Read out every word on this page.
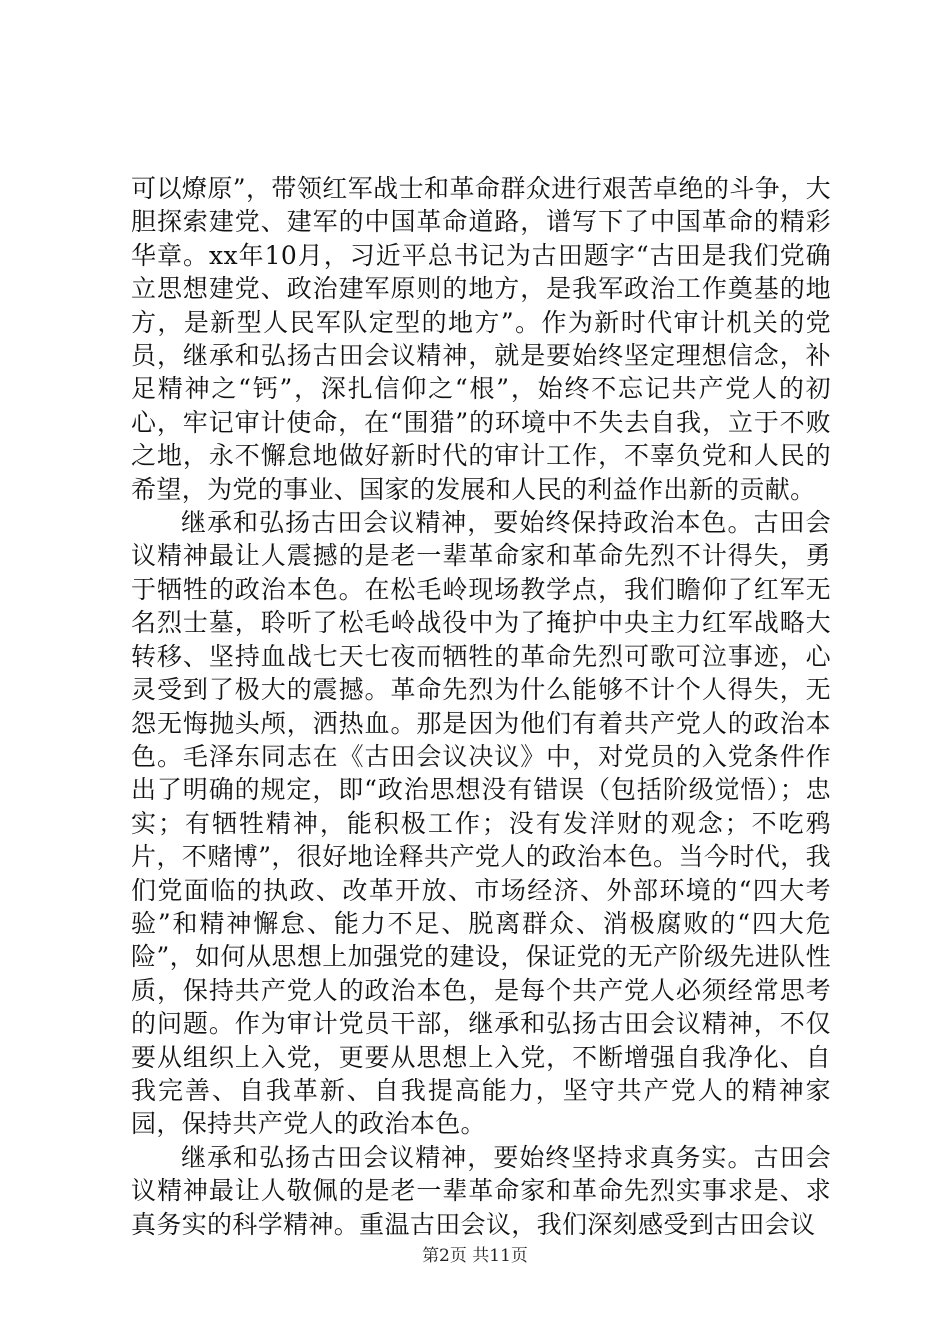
可以燎原”，带领红军战士和革命群众进行艰苦卓绝的斗争，大胆探索建党、建军的中国革命道路，谱写下了中国革命的精彩华章。xx年10月，习近平总书记为古田题字“古田是我们党确立思想建党、政治建军原则的地方，是我军政治工作奠基的地方，是新型人民军队定型的地方”。作为新时代审计机关的党员，继承和弘扬古田会议精神，就是要始终坚定理想信念，补足精神之“钙”，深扎信仰之“根”，始终不忘记共产党人的初心，牢记审计使命，在“围猎”的环境中不失去自我，立于不败之地，永不懈怠地做好新时代的审计工作，不辜负党和人民的希望，为党的事业、国家的发展和人民的利益作出新的贡献。

继承和弘扬古田会议精神，要始终保持政治本色。古田会议精神最让人震撼的是老一辈革命家和革命先烈不计得失，勇于牺牲的政治本色。在松毛岭现场教学点，我们瞻仰了红军无名烈士墓，聆听了松毛岭战役中为了掩护中央主力红军战略大转移、坚持血战七天七夜而牺牲的革命先烈可歌可泣事迹，心灵受到了极大的震撼。革命先烈为什么能够不计个人得失，无怨无悔抛头颅，洒热血。那是因为他们有着共产党人的政治本色。毛泽东同志在《古田会议决议》中，对党员的入党条件作出了明确的规定，即“政治思想没有错误（包括阶级觉悟）；忠实；有牺牲精神，能积极工作；没有发洋财的观念；不吃鸦片，不赌博”，很好地诠释共产党人的政治本色。当今时代，我们党面临的执政、改革开放、市场经济、外部环境的“四大考验”和精神懈怠、能力不足、脱离群众、消极腐败的“四大危险”，如何从思想上加强党的建设，保证党的无产阶级先进队性质，保持共产党人的政治本色，是每个共产党人必须经常思考的问题。作为审计党员干部，继承和弘扬古田会议精神，不仅要从组织上入党，更要从思想上入党，不断增强自我净化、自我完善、自我革新、自我提高能力，坚守共产党人的精神家园，保持共产党人的政治本色。

继承和弘扬古田会议精神，要始终坚持求真务实。古田会议精神最让人敬佩的是老一辈革命家和革命先烈实事求是、求真务实的科学精神。重温古田会议，我们深刻感受到古田会议

第2页 共11页
